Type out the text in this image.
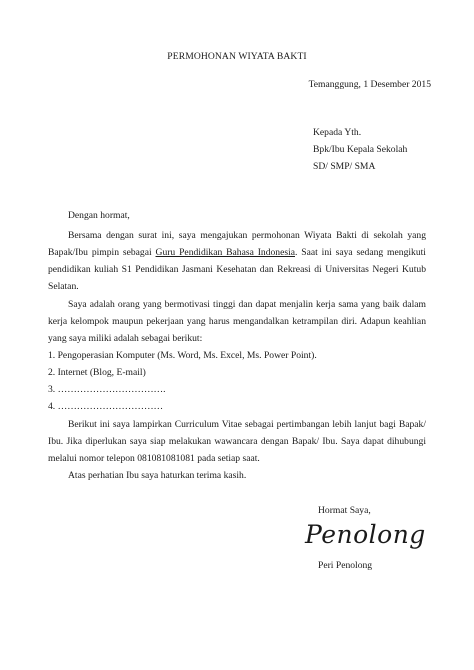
PERMOHONAN WIYATA BAKTI
Temanggung, 1 Desember 2015
Kepada Yth.
Bpk/Ibu Kepala Sekolah
SD/ SMP/ SMA
Dengan hormat,

Bersama dengan surat ini, saya mengajukan permohonan Wiyata Bakti di sekolah yang

Bapak/Ibu pimpin sebagai Guru Pendidikan Bahasa Indonesia. Saat ini saya sedang mengikuti

pendidikan kuliah S1 Pendidikan Jasmani Kesehatan dan Rekreasi di Universitas Negeri Kutub

Selatan.

Saya adalah orang yang bermotivasi tinggi dan dapat menjalin kerja sama yang baik dalam

kerja kelompok maupun pekerjaan yang harus mengandalkan ketrampilan diri. Adapun keahlian

yang saya miliki adalah sebagai berikut:

1. Pengoperasian Komputer (Ms. Word, Ms. Excel, Ms. Power Point).
2. Internet (Blog, E-mail)
3. …………………………….
4. ……………………………

Berikut ini saya lampirkan Curriculum Vitae sebagai pertimbangan lebih lanjut bagi Bapak/

Ibu. Jika diperlukan saya siap melakukan wawancara dengan Bapak/ Ibu. Saya dapat dihubungi

melalui nomor telepon 08108108108​1 pada setiap saat.

Atas perhatian Ibu saya haturkan terima kasih.

Hormat Saya,
Penolong
Peri Penolong
